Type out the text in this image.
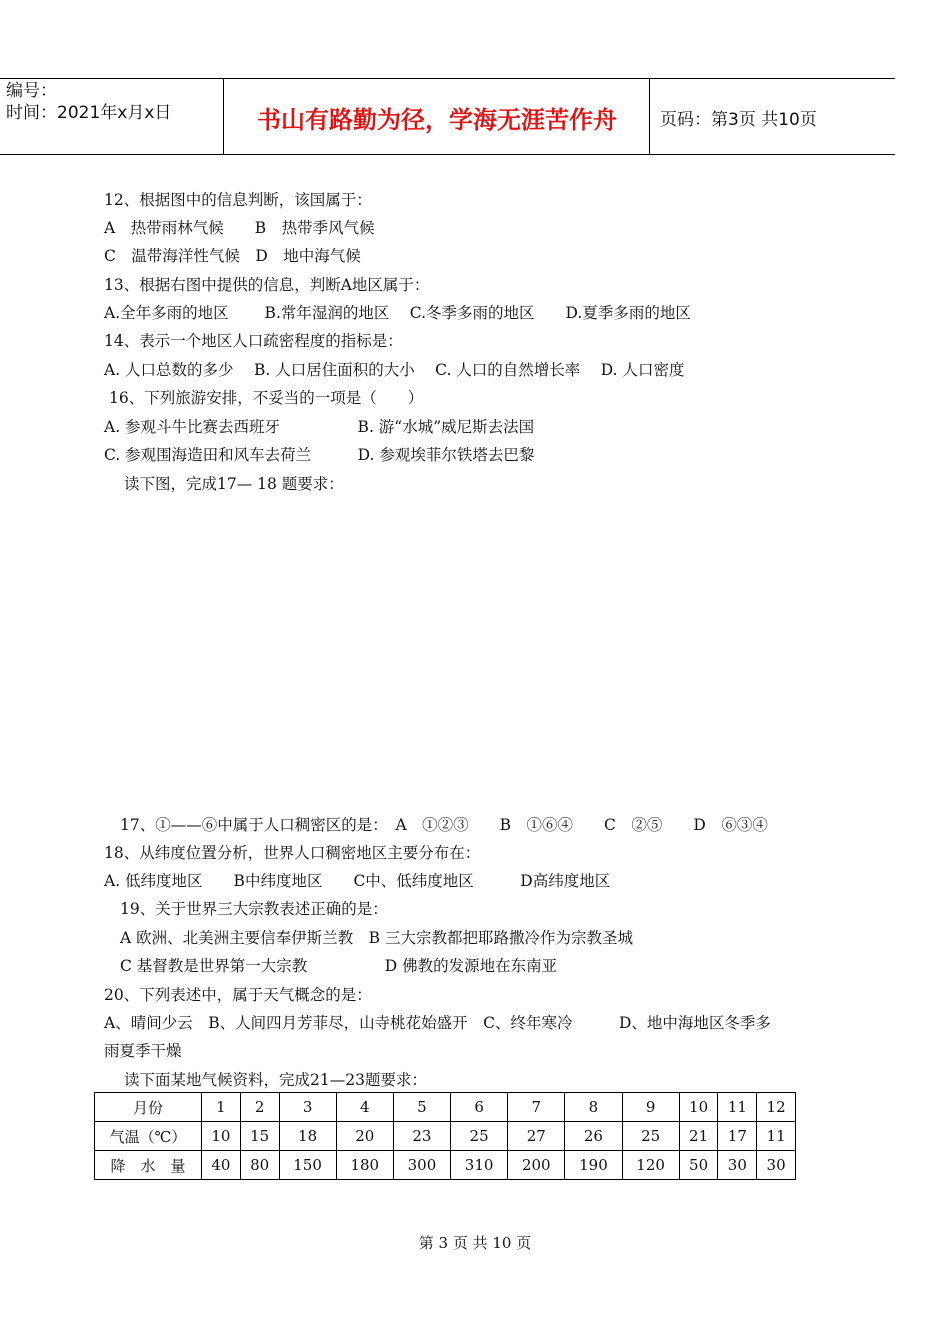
编号：
时间：2021年x月x日	书山有路勤为径，学海无涯苦作舟	页码：第3页 共10页
12、根据图中的信息判断，该国属于：
A　热带雨林气候　　B　热带季风气候
C　温带海洋性气候　D　地中海气候
13、根据右图中提供的信息，判断A地区属于：
A.全年多雨的地区　　 B.常年湿润的地区　 C.冬季多雨的地区　　D.夏季多雨的地区
14、表示一个地区人口疏密程度的指标是：
A. 人口总数的多少　 B. 人口居住面积的大小　 C. 人口的自然增长率　 D. 人口密度
16、下列旅游安排，不妥当的一项是（　　）
A. 参观斗牛比赛去西班牙　　　　　B. 游“水城”威尼斯去法国
C. 参观围海造田和风车去荷兰　　　D. 参观埃菲尔铁塔去巴黎
读下图，完成17— 18 题要求：
17、①——⑥中属于人口稠密区的是：　A　①②③　　B　①⑥④　　C　②⑤　　D　⑥③④
18、从纬度位置分析，世界人口稠密地区主要分布在：
A. 低纬度地区　　B中纬度地区　　C中、低纬度地区　　　D高纬度地区
19、关于世界三大宗教表述正确的是：
A 欧洲、北美洲主要信奉伊斯兰教　B 三大宗教都把耶路撒冷作为宗教圣城
C 基督教是世界第一大宗教　　　　　D 佛教的发源地在东南亚
20、下列表述中，属于天气概念的是：
A、晴间少云　B、人间四月芳菲尽，山寺桃花始盛开　C、终年寒冷　　　D、地中海地区冬季多
雨夏季干燥
读下面某地气候资料，完成21—23题要求：
月份	1	2	3	4	5	6	7	8	9	10	11	12
气温（℃）	10	15	18	20	23	25	27	26	25	21	17	11
降　水　量	40	80	150	180	300	310	200	190	120	50	30	30
第 3 页 共 10 页
